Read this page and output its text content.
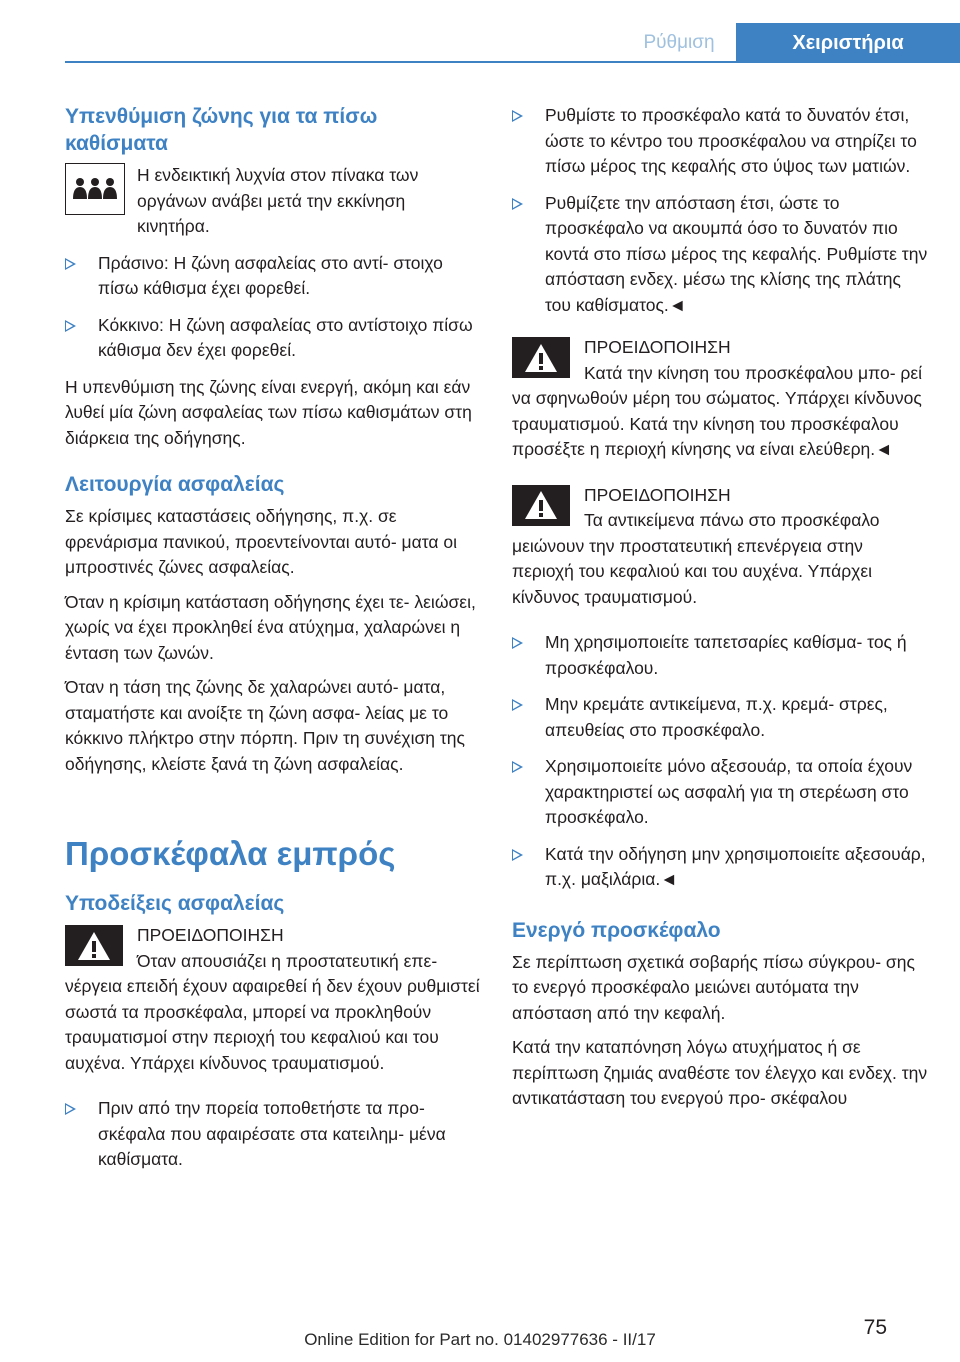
Ρύθμιση	Χειριστήρια
Υπενθύμιση ζώνης για τα πίσω καθίσματα
Η ενδεικτική λυχνία στον πίνακα των οργάνων ανάβει μετά την εκκίνηση κινητήρα.
Πράσινο: Η ζώνη ασφαλείας στο αντί‐ στοιχο πίσω κάθισμα έχει φορεθεί.
Κόκκινο: Η ζώνη ασφαλείας στο αντίστοιχο πίσω κάθισμα δεν έχει φορεθεί.

Η υπενθύμιση της ζώνης είναι ενεργή, ακόμη και εάν λυθεί μία ζώνη ασφαλείας των πίσω καθισμάτων στη διάρκεια της οδήγησης.

Λειτουργία ασφαλείας

Σε κρίσιμες καταστάσεις οδήγησης, π.χ. σε φρενάρισμα πανικού, προεντείνονται αυτό‐ ματα οι μπροστινές ζώνες ασφαλείας.

Όταν η κρίσιμη κατάσταση οδήγησης έχει τε‐ λειώσει, χωρίς να έχει προκληθεί ένα ατύχημα, χαλαρώνει η ένταση των ζωνών.

Όταν η τάση της ζώνης δε χαλαρώνει αυτό‐ ματα, σταματήστε και ανοίξτε τη ζώνη ασφα‐ λείας με το κόκκινο πλήκτρο στην πόρπη. Πριν τη συνέχιση της οδήγησης, κλείστε ξανά τη ζώνη ασφαλείας.

Προσκέφαλα εμπρός
Υποδείξεις ασφαλείας
ΠΡΟΕΙΔΟΠΟΙΗΣΗ
Όταν απουσιάζει η προστατευτική επε‐ νέργεια επειδή έχουν αφαιρεθεί ή δεν έχουν ρυθμιστεί σωστά τα προσκέφαλα, μπορεί να προκληθούν τραυματισμοί στην περιοχή του κεφαλιού και του αυχένα. Υπάρχει κίνδυνος τραυματισμού.
Πριν από την πορεία τοποθετήστε τα προ‐ σκέφαλα που αφαιρέσατε στα κατειλημ‐ μένα καθίσματα.
Ρυθμίστε το προσκέφαλο κατά το δυνατόν έτσι, ώστε το κέντρο του προσκέφαλου να στηρίζει το πίσω μέρος της κεφαλής στο ύψος των ματιών.
Ρυθμίζετε την απόσταση έτσι, ώστε το προσκέφαλο να ακουμπά όσο το δυνατόν πιο κοντά στο πίσω μέρος της κεφαλής. Ρυθμίστε την απόσταση ενδεχ. μέσω της κλίσης της πλάτης του καθίσματος.◄
ΠΡΟΕΙΔΟΠΟΙΗΣΗ
Κατά την κίνηση του προσκέφαλου μπο‐ ρεί να σφηνωθούν μέρη του σώματος. Υπάρχει κίνδυνος τραυματισμού. Κατά την κίνηση του προσκέφαλου προσέξτε η περιοχή κίνησης να είναι ελεύθερη.◄
ΠΡΟΕΙΔΟΠΟΙΗΣΗ
Τα αντικείμενα πάνω στο προσκέφαλο μειώνουν την προστατευτική επενέργεια στην περιοχή του κεφαλιού και του αυχένα. Υπάρχει κίνδυνος τραυματισμού.
Μη χρησιμοποιείτε ταπετσαρίες καθίσμα‐ τος ή προσκέφαλου.
Μην κρεμάτε αντικείμενα, π.χ. κρεμά‐ στρες, απευθείας στο προσκέφαλο.
Χρησιμοποιείτε μόνο αξεσουάρ, τα οποία έχουν χαρακτηριστεί ως ασφαλή για τη στερέωση στο προσκέφαλο.
Κατά την οδήγηση μην χρησιμοποιείτε αξεσουάρ, π.χ. μαξιλάρια.◄
Ενεργό προσκέφαλο

Σε περίπτωση σχετικά σοβαρής πίσω σύγκρου‐ σης το ενεργό προσκέφαλο μειώνει αυτόματα την απόσταση από την κεφαλή.

Κατά την καταπόνηση λόγω ατυχήματος ή σε περίπτωση ζημιάς αναθέστε τον έλεγχο και ενδεχ. την αντικατάσταση του ενεργού προ‐ σκέφαλου

75
Online Edition for Part no. 01402977636 - II/17
